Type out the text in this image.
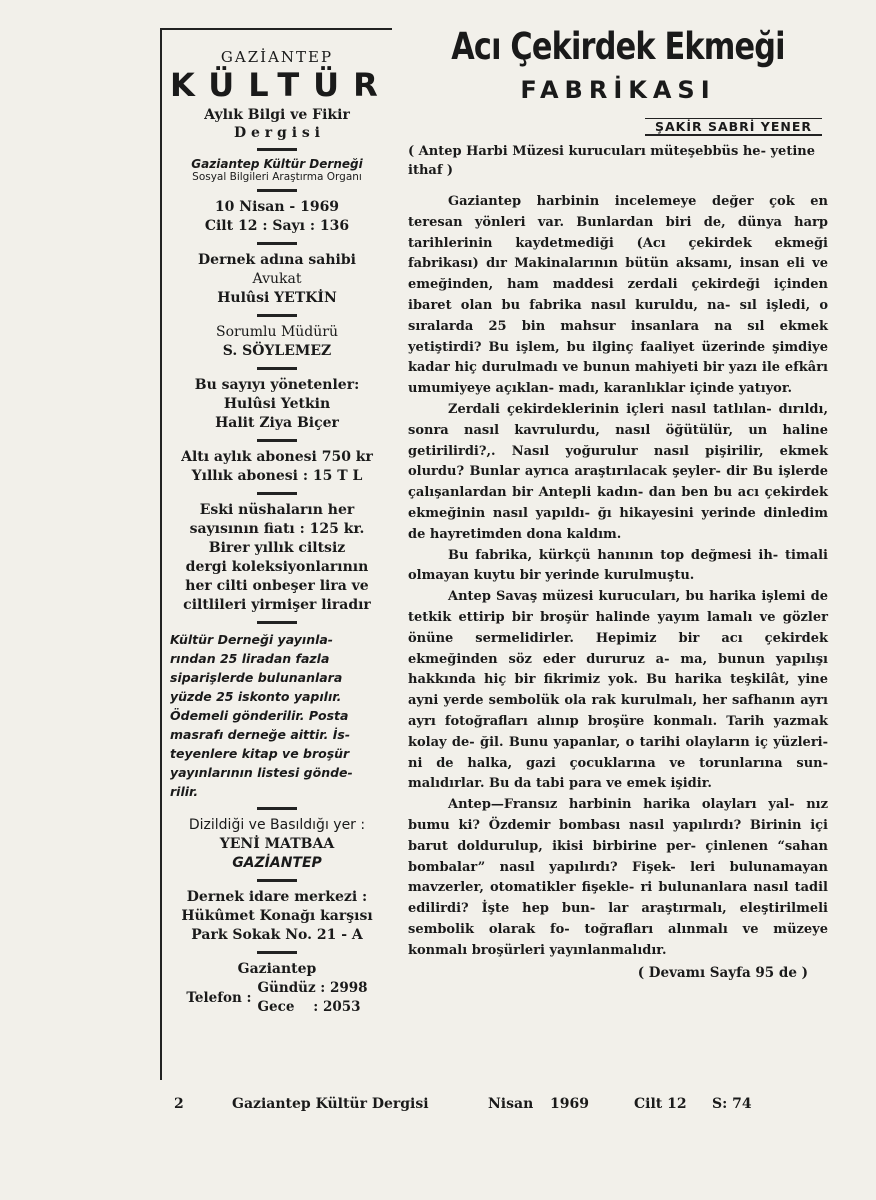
GAZİANTEP
KÜLTÜR
Aylık Bilgi ve Fikir
D e r g i s i
Gaziantep Kültür Derneği
Sosyal Bilgileri Araştırma Organı
10 Nisan - 1969
Cilt 12 : Sayı : 136
Dernek adına sahibi
Avukat
Hulûsi YETKİN
Sorumlu Müdürü
S. SÖYLEMEZ
Bu sayıyı yönetenler:
Hulûsi Yetkin
Halit Ziya Biçer
Altı aylık abonesi 750 kr
Yıllık abonesi : 15 T L
Eski nüshaların her
sayısının fiatı : 125 kr.
Birer yıllık ciltsiz
dergi koleksiyonlarının
her cilti onbeşer lira ve
ciltlileri yirmişer liradır
Kültür Derneği yayınla-
rından 25 liradan fazla
siparişlerde bulunanlara
yüzde 25 iskonto yapılır.
Ödemeli gönderilir. Posta
masrafı derneğe aittir. İs-
teyenlere kitap ve broşür
yayınlarının listesi gönde-
rilir.
Dizildiği ve Basıldığı yer :
YENİ MATBAA
GAZİANTEP
Dernek idare merkezi :
Hükûmet Konağı karşısı
Park Sokak No. 21 - A
Gaziantep
Telefon :
Gündüz : 2998
Gece    : 2053
Acı Çekirdek Ekmeği
FABRİKASI
ŞAKİR SABRİ YENER
( Antep Harbi Müzesi kurucuları müteşebbüs he- yetine ithaf )

Gaziantep harbinin incelemeye değer çok en teresan yönleri var. Bunlardan biri de, dünya harp tarihlerinin kaydetmediği (Acı çekirdek ekmeği fabrikası) dır Makinalarının bütün aksamı, insan eli ve emeğinden, ham maddesi zerdali çekirdeği içinden ibaret olan bu fabrika nasıl kuruldu, na- sıl işledi, o sıralarda 25 bin mahsur insanlara na sıl ekmek yetiştirdi? Bu işlem, bu ilginç faaliyet üzerinde şimdiye kadar hiç durulmadı ve bunun mahiyeti bir yazı ile efkârı umumiyeye açıklan- madı, karanlıklar içinde yatıyor.

Zerdali çekirdeklerinin içleri nasıl tatlılan- dırıldı, sonra nasıl kavrulurdu, nasıl öğütülür, un haline getirilirdi?,. Nasıl yoğurulur nasıl pişirilir, ekmek olurdu? Bunlar ayrıca araştırılacak şeyler- dir Bu işlerde çalışanlardan bir Antepli kadın- dan ben bu acı çekirdek ekmeğinin nasıl yapıldı- ğı hikayesini yerinde dinledim de hayretimden dona kaldım.

Bu fabrika, kürkçü hanının top değmesi ih- timali olmayan kuytu bir yerinde kurulmuştu.

Antep Savaş müzesi kurucuları, bu harika işlemi de tetkik ettirip bir broşür halinde yayım lamalı ve gözler önüne sermelidirler. Hepimiz bir acı çekirdek ekmeğinden söz eder dururuz a- ma, bunun yapılışı hakkında hiç bir fikrimiz yok. Bu harika teşkilât, yine ayni yerde sembolük ola rak kurulmalı, her safhanın ayrı ayrı fotoğrafları alınıp broşüre konmalı. Tarih yazmak kolay de- ğil. Bunu yapanlar, o tarihi olayların iç yüzleri- ni de halka, gazi çocuklarına ve torunlarına sun- malıdırlar. Bu da tabi para ve emek işidir.

Antep—Fransız harbinin harika olayları yal- nız bumu ki? Özdemir bombası nasıl yapılırdı? Birinin içi barut doldurulup, ikisi birbirine per- çinlenen “sahan bombalar” nasıl yapılırdı? Fişek- leri bulunamayan mavzerler, otomatikler fişekle- ri bulunanlara nasıl tadil edilirdi? İşte hep bun- lar araştırmalı, eleştirilmeli sembolik olarak fo- toğrafları alınmalı ve müzeye konmalı broşürleri yayınlanmalıdır.

( Devamı Sayfa 95 de )
2	Gaziantep Kültür Dergisi	Nisan 1969	Cilt 12 S: 74
